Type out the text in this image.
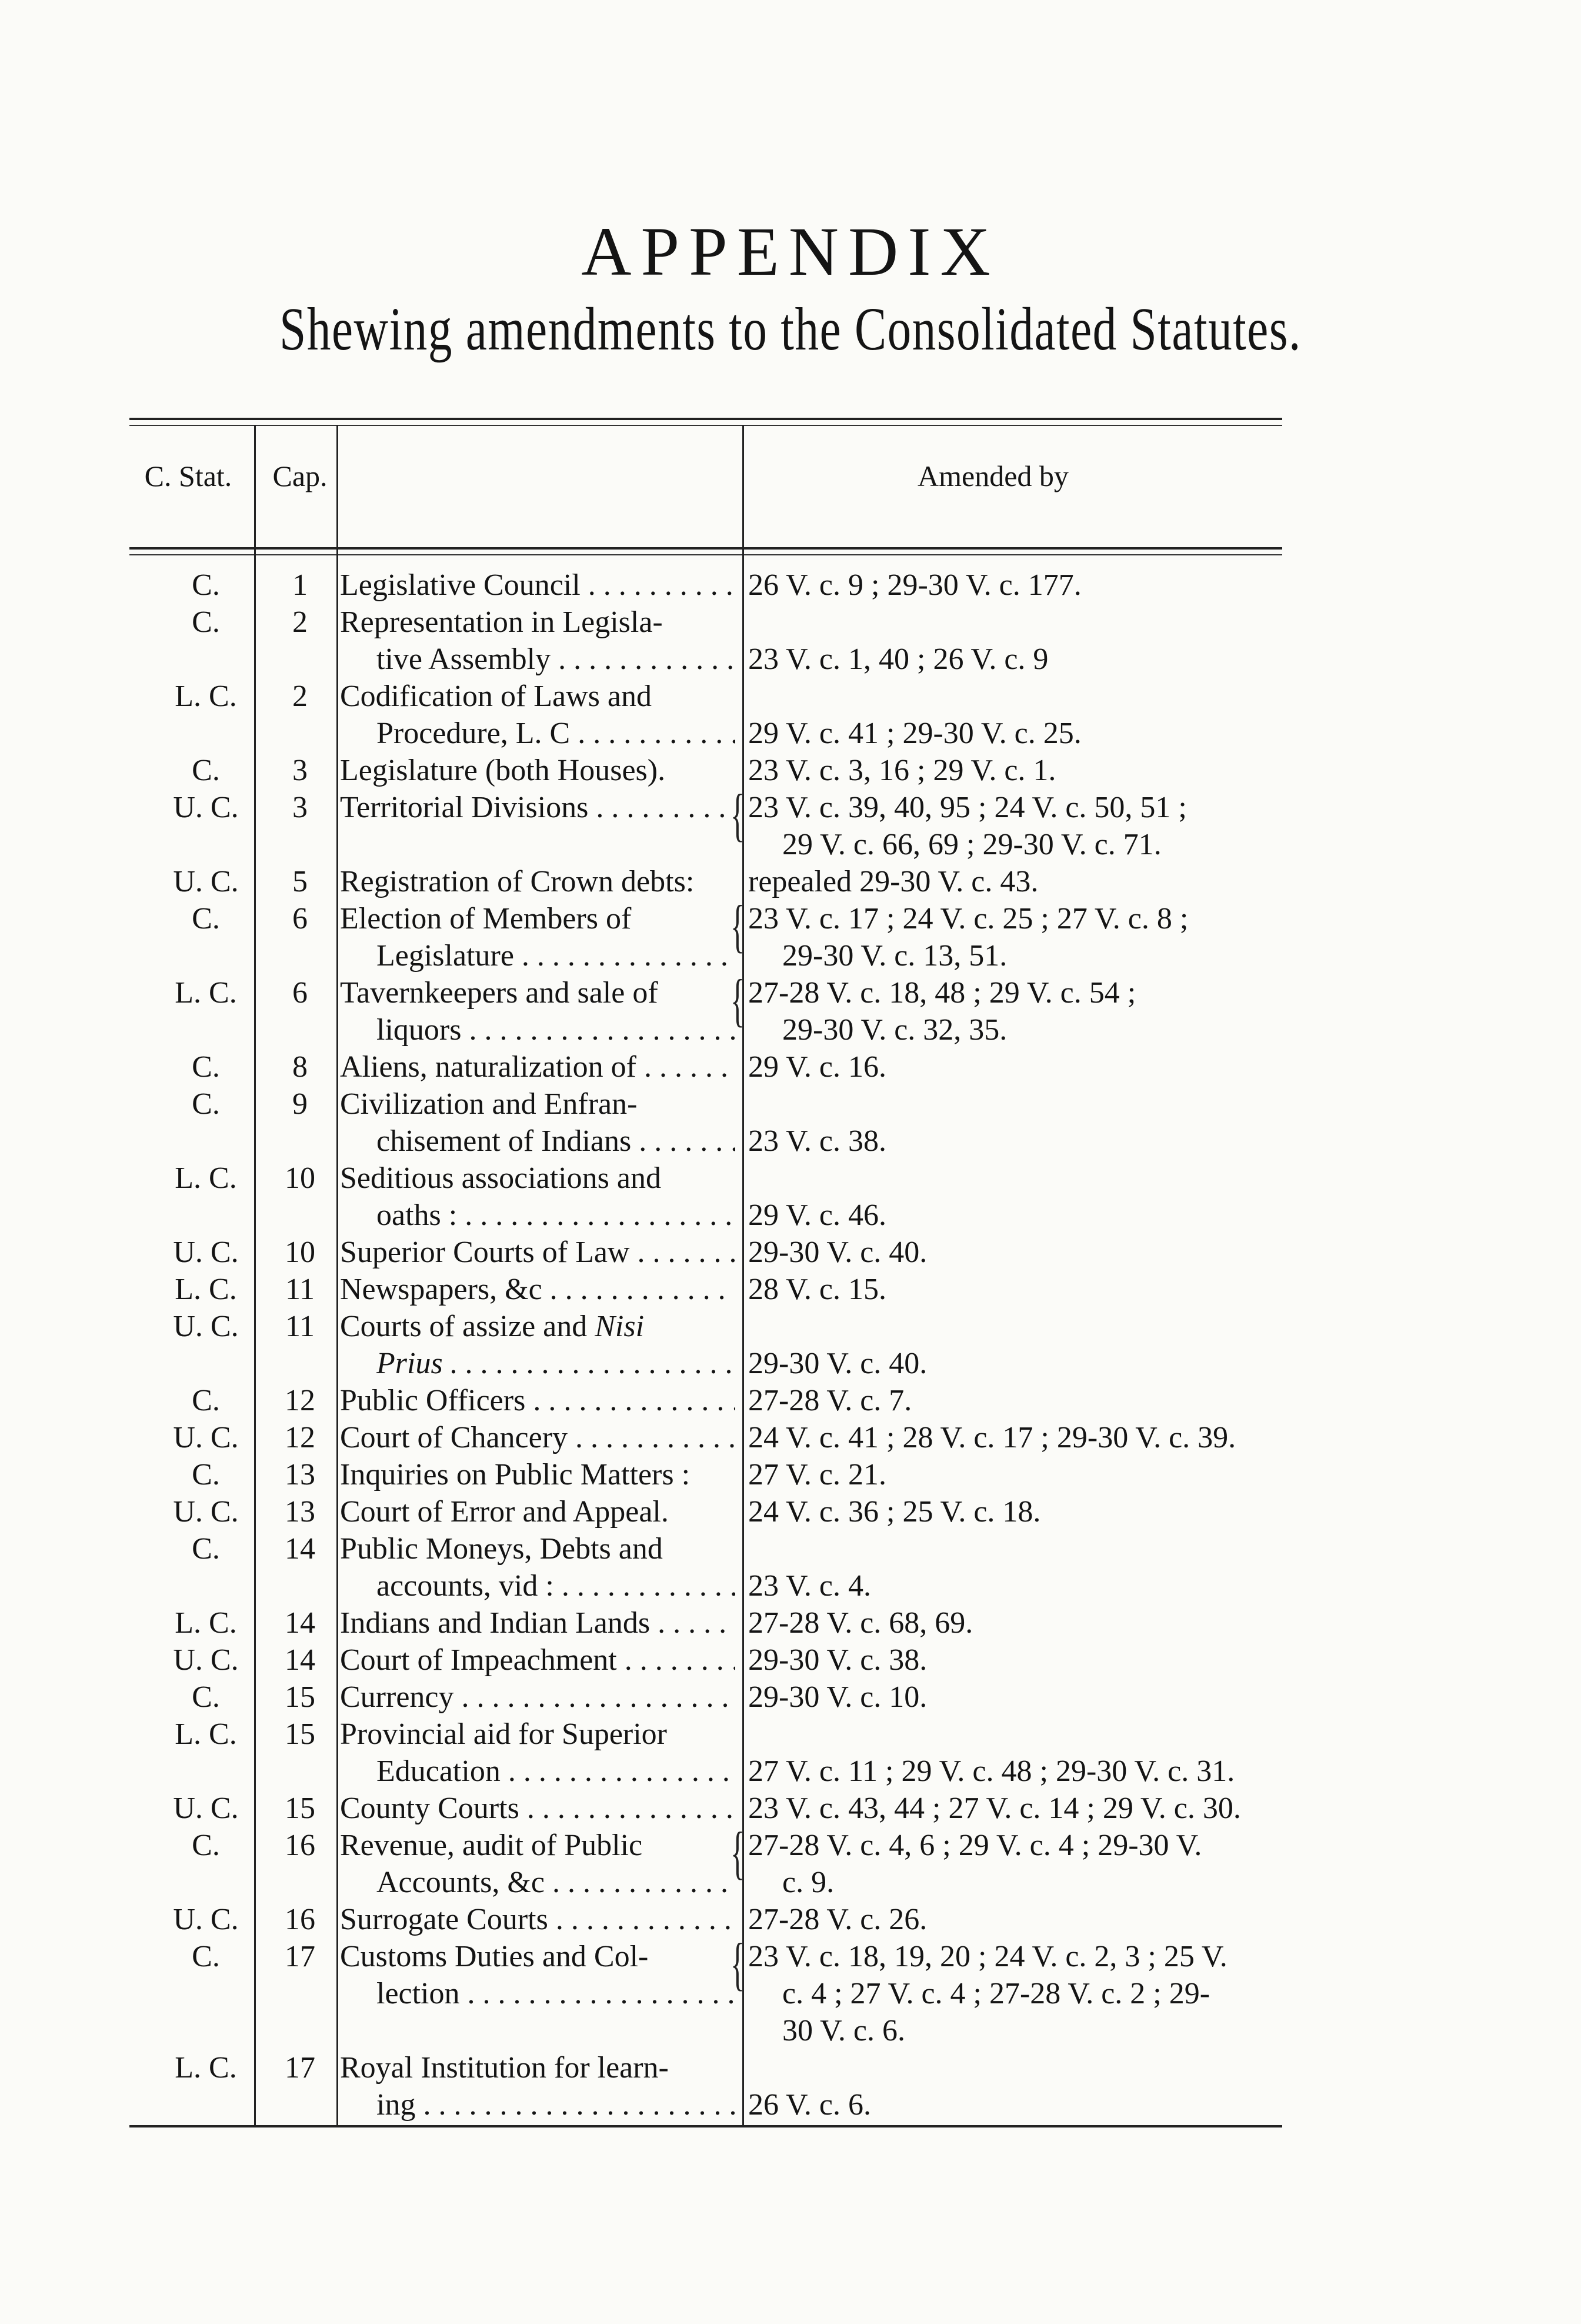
APPENDIX
Shewing amendments to the Consolidated Statutes.
C. Stat.	Cap.	Amended by
C.	1	Legislative Council . . .	26 V. c. 9 ; 29-30 V. c. 177.
C.	2	Representation in Legisla-
tive Assembly . . .	23 V. c. 1, 40 ; 26 V. c. 9
L. C.	2	Codification of Laws and
Procedure, L. C . . .	29 V. c. 41 ; 29-30 V. c. 25.
C.	3	Legislature (both Houses).	23 V. c. 3, 16 ; 29 V. c. 1.
U. C.	3	Territorial Divisions . . .	23 V. c. 39, 40, 95 ; 24 V. c. 50, 51 ;
29 V. c. 66, 69 ; 29-30 V. c. 71.
U. C.	5	Registration of Crown debts:	repealed 29-30 V. c. 43.
C.	6	Election of Members of	23 V. c. 17 ; 24 V. c. 25 ; 27 V. c. 8 ;
Legislature . . .	29-30 V. c. 13, 51.
L. C.	6	Tavernkeepers and sale of	27-28 V. c. 18, 48 ; 29 V. c. 54 ;
liquors . . .	29-30 V. c. 32, 35.
C.	8	Aliens, naturalization of . . .	29 V. c. 16.
C.	9	Civilization and Enfran-
chisement of Indians . . .	23 V. c. 38.
L. C.	10 Seditious associations and
oaths : . . .	29 V. c. 46.
U. C.	10 Superior Courts of Law . . .	29-30 V. c. 40.
L. C.	11 Newspapers, &c . . .	28 V. c. 15.
U. C.	11 Courts of assize and Nisi
Prius . . .	29-30 V. c. 40.
C.	12 Public Officers . . .	27-28 V. c. 7.
U. C.	12 Court of Chancery . . .	24 V. c. 41 ; 28 V. c. 17 ; 29-30 V. c. 39.
C.	13 Inquiries on Public Matters :	27 V. c. 21.
U. C.	13 Court of Error and Appeal.	24 V. c. 36 ; 25 V. c. 18.
C.	14 Public Moneys, Debts and
accounts, vid : . . .	23 V. c. 4.
L. C.	14 Indians and Indian Lands . . .	27-28 V. c. 68, 69.
U. C.	14 Court of Impeachment . . .	29-30 V. c. 38.
C.	15 Currency . . .	29-30 V. c. 10.
L. C.	15 Provincial aid for Superior
Education . . .	27 V. c. 11 ; 29 V. c. 48 ; 29-30 V. c. 31.
U. C.	15 County Courts . . .	23 V. c. 43, 44 ; 27 V. c. 14 ; 29 V. c. 30.
C.	16 Revenue, audit of Public	27-28 V. c. 4, 6 ; 29 V. c. 4 ; 29-30 V.
Accounts, &c . . .	c. 9.
U. C.	16 Surrogate Courts . . .	27-28 V. c. 26.
C.	17 Customs Duties and Col-	23 V. c. 18, 19, 20 ; 24 V. c. 2, 3 ; 25 V.
lection . . .	c. 4 ; 27 V. c. 4 ; 27-28 V. c. 2 ; 29-
30 V. c. 6.
L. C.	17 Royal Institution for learn-
ing . . .	26 V. c. 6.
{
{
{
{
{
